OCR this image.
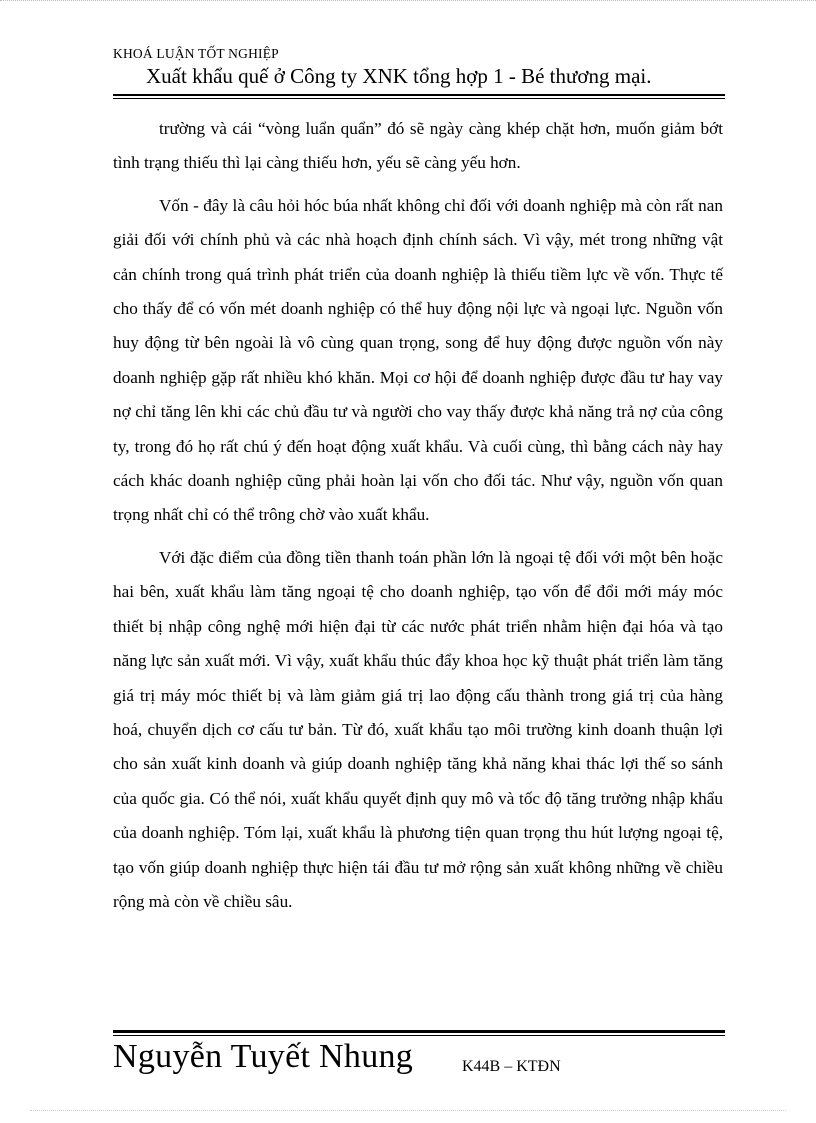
KHOÁ LUẬN TỐT NGHIỆP
Xuất khẩu quế ở Công ty XNK tổng hợp 1 - Bé thương mại.

trường và cái “vòng luẩn quẩn” đó sẽ ngày càng khép chặt hơn, muốn giảm bớt tình trạng thiếu thì lại càng thiếu hơn, yếu sẽ càng yếu hơn.

Vốn - đây là câu hỏi hóc búa nhất không chỉ đối với doanh nghiệp mà còn rất nan giải đối với chính phủ và các nhà hoạch định chính sách. Vì vậy, mét trong những vật cản chính trong quá trình phát triển của doanh nghiệp là thiếu tiềm lực về vốn. Thực tế cho thấy để có vốn mét doanh nghiệp có thể huy động nội lực và ngoại lực. Nguồn vốn huy động từ bên ngoài là vô cùng quan trọng, song để huy động được nguồn vốn này doanh nghiệp gặp rất nhiều khó khăn. Mọi cơ hội để doanh nghiệp được đầu tư hay vay nợ chỉ tăng lên khi các chủ đầu tư và người cho vay thấy được khả năng trả nợ của công ty, trong đó họ rất chú ý đến hoạt động xuất khẩu. Và cuối cùng, thì bằng cách này hay cách khác doanh nghiệp cũng phải hoàn lại vốn cho đối tác. Như vậy, nguồn vốn quan trọng nhất chỉ có thể trông chờ vào xuất khẩu.

Với đặc điểm của đồng tiền thanh toán phần lớn là ngoại tệ đối với một bên hoặc hai bên, xuất khẩu làm tăng ngoại tệ cho doanh nghiệp, tạo vốn để đổi mới máy móc thiết bị nhập công nghệ mới hiện đại từ các nước phát triển nhằm hiện đại hóa và tạo năng lực sản xuất mới. Vì vậy, xuất khẩu thúc đẩy khoa học kỹ thuật phát triển làm tăng giá trị máy móc thiết bị và làm giảm giá trị lao động cấu thành trong giá trị của hàng hoá, chuyển dịch cơ cấu tư bản. Từ đó, xuất khẩu tạo môi trường kinh doanh thuận lợi cho sản xuất kinh doanh và giúp doanh nghiệp tăng khả năng khai thác lợi thế so sánh của quốc gia. Có thể nói, xuất khẩu quyết định quy mô và tốc độ tăng trưởng nhập khẩu của doanh nghiệp. Tóm lại, xuất khẩu là phương tiện quan trọng thu hút lượng ngoại tệ, tạo vốn giúp doanh nghiệp thực hiện tái đầu tư mở rộng sản xuất không những về chiều rộng mà còn về chiều sâu.

Nguyễn Tuyết Nhung	K44B – KTĐN
